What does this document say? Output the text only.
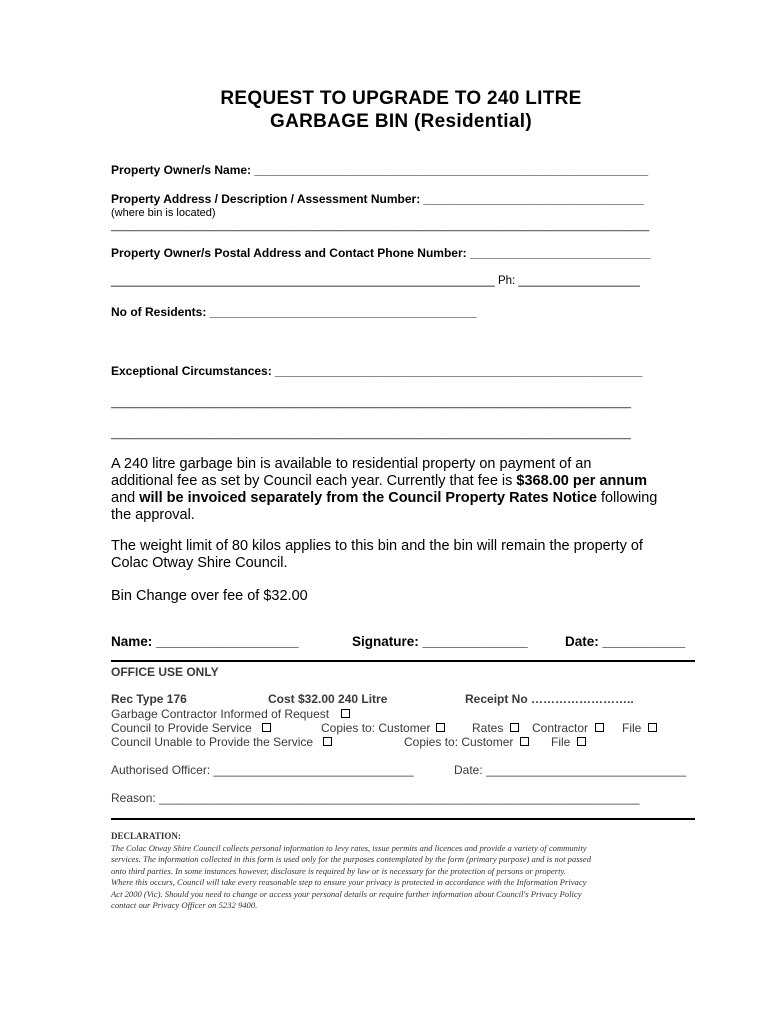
REQUEST TO UPGRADE TO 240 LITRE
GARBAGE BIN (Residential)
Property Owner/s Name: ___________________________________________________________
Property Address / Description / Assessment Number: _________________________________
(where bin is located)
________________________________________________________________________________________
Property Owner/s Postal Address and Contact Phone Number: ___________________________
____________________________________________________________ Ph: ___________________
No of Residents: ________________________________________
Exceptional Circumstances: _______________________________________________________
_____________________________________________________________________________________
_____________________________________________________________________________________
A 240 litre garbage bin is available to residential property on payment of an
additional fee as set by Council each year. Currently that fee is $368.00 per annum
and will be invoiced separately from the Council Property Rates Notice following
the approval.
The weight limit of 80 kilos applies to this bin and the bin will remain the property of
Colac Otway Shire Council.
Bin Change over fee of $32.00
Name: ___________________	Signature: ______________	Date: ___________
OFFICE USE ONLY
Rec Type 176	Cost $32.00 240 Litre	Receipt No ……………………..
Garbage Contractor Informed of Request
Council to Provide Service	Copies to: Customer	Rates	Contractor	File
Council Unable to Provide the Service	Copies to: Customer	File
Authorised Officer: ______________________________	Date: ______________________________
Reason: ________________________________________________________________________
DECLARATION:
The Colac Otway Shire Council collects personal information to levy rates, issue permits and licences and provide a variety of community
services. The information collected in this form is used only for the purposes contemplated by the form (primary purpose) and is not passed
onto third parties. In some instances however, disclosure is required by law or is necessary for the protection of persons or property.
Where this occurs, Council will take every reasonable step to ensure your privacy is protected in accordance with the Information Privacy
Act 2000 (Vic). Should you need to change or access your personal details or require further information about Council's Privacy Policy
contact our Privacy Officer on 5232 9400.
